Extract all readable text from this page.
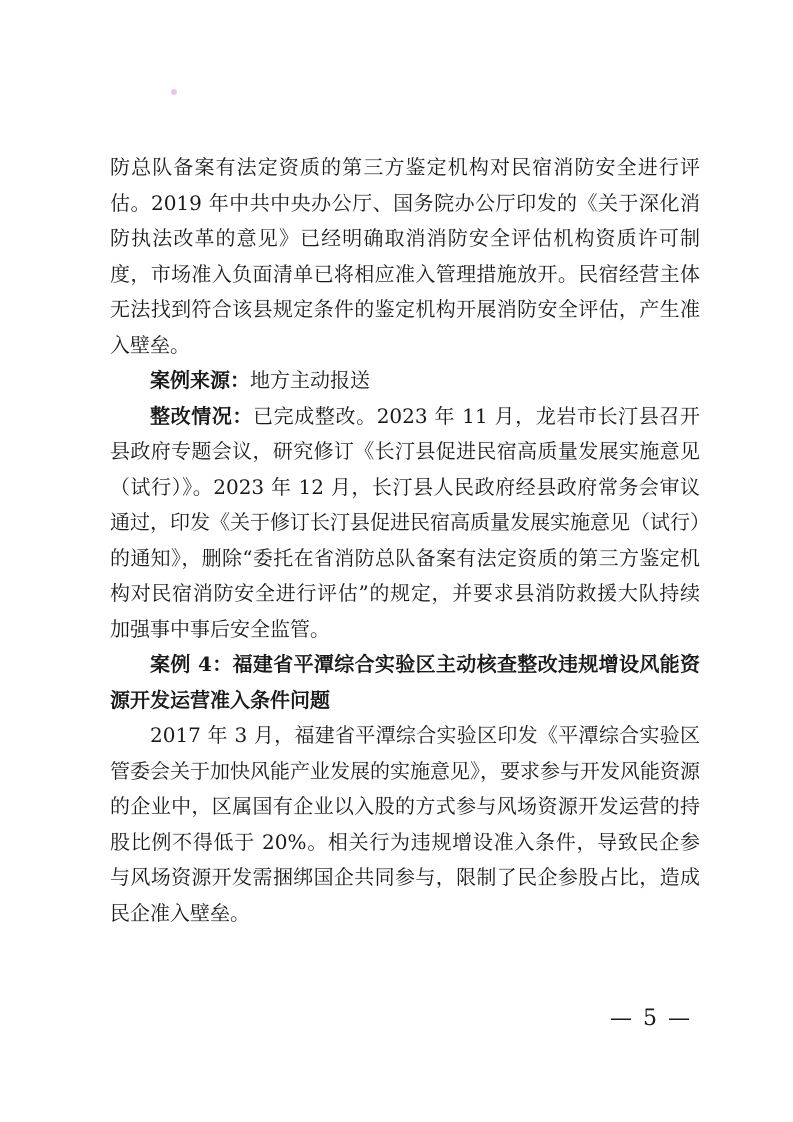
防总队备案有法定资质的第三方鉴定机构对民宿消防安全进行评估。2019 年中共中央办公厅、国务院办公厅印发的《关于深化消防执法改革的意见》已经明确取消消防安全评估机构资质许可制度，市场准入负面清单已将相应准入管理措施放开。民宿经营主体无法找到符合该县规定条件的鉴定机构开展消防安全评估，产生准入壁垒。

案例来源：地方主动报送

整改情况：已完成整改。2023 年 11 月，龙岩市长汀县召开县政府专题会议，研究修订《长汀县促进民宿高质量发展实施意见（试行）》。2023 年 12 月，长汀县人民政府经县政府常务会审议通过，印发《关于修订长汀县促进民宿高质量发展实施意见（试行）的通知》，删除“委托在省消防总队备案有法定资质的第三方鉴定机构对民宿消防安全进行评估”的规定，并要求县消防救援大队持续加强事中事后安全监管。

案例 4：福建省平潭综合实验区主动核查整改违规增设风能资源开发运营准入条件问题

2017 年 3 月，福建省平潭综合实验区印发《平潭综合实验区管委会关于加快风能产业发展的实施意见》，要求参与开发风能资源的企业中，区属国有企业以入股的方式参与风场资源开发运营的持股比例不得低于 20%。相关行为违规增设准入条件，导致民企参与风场资源开发需捆绑国企共同参与，限制了民企参股占比，造成民企准入壁垒。

— 5 —
